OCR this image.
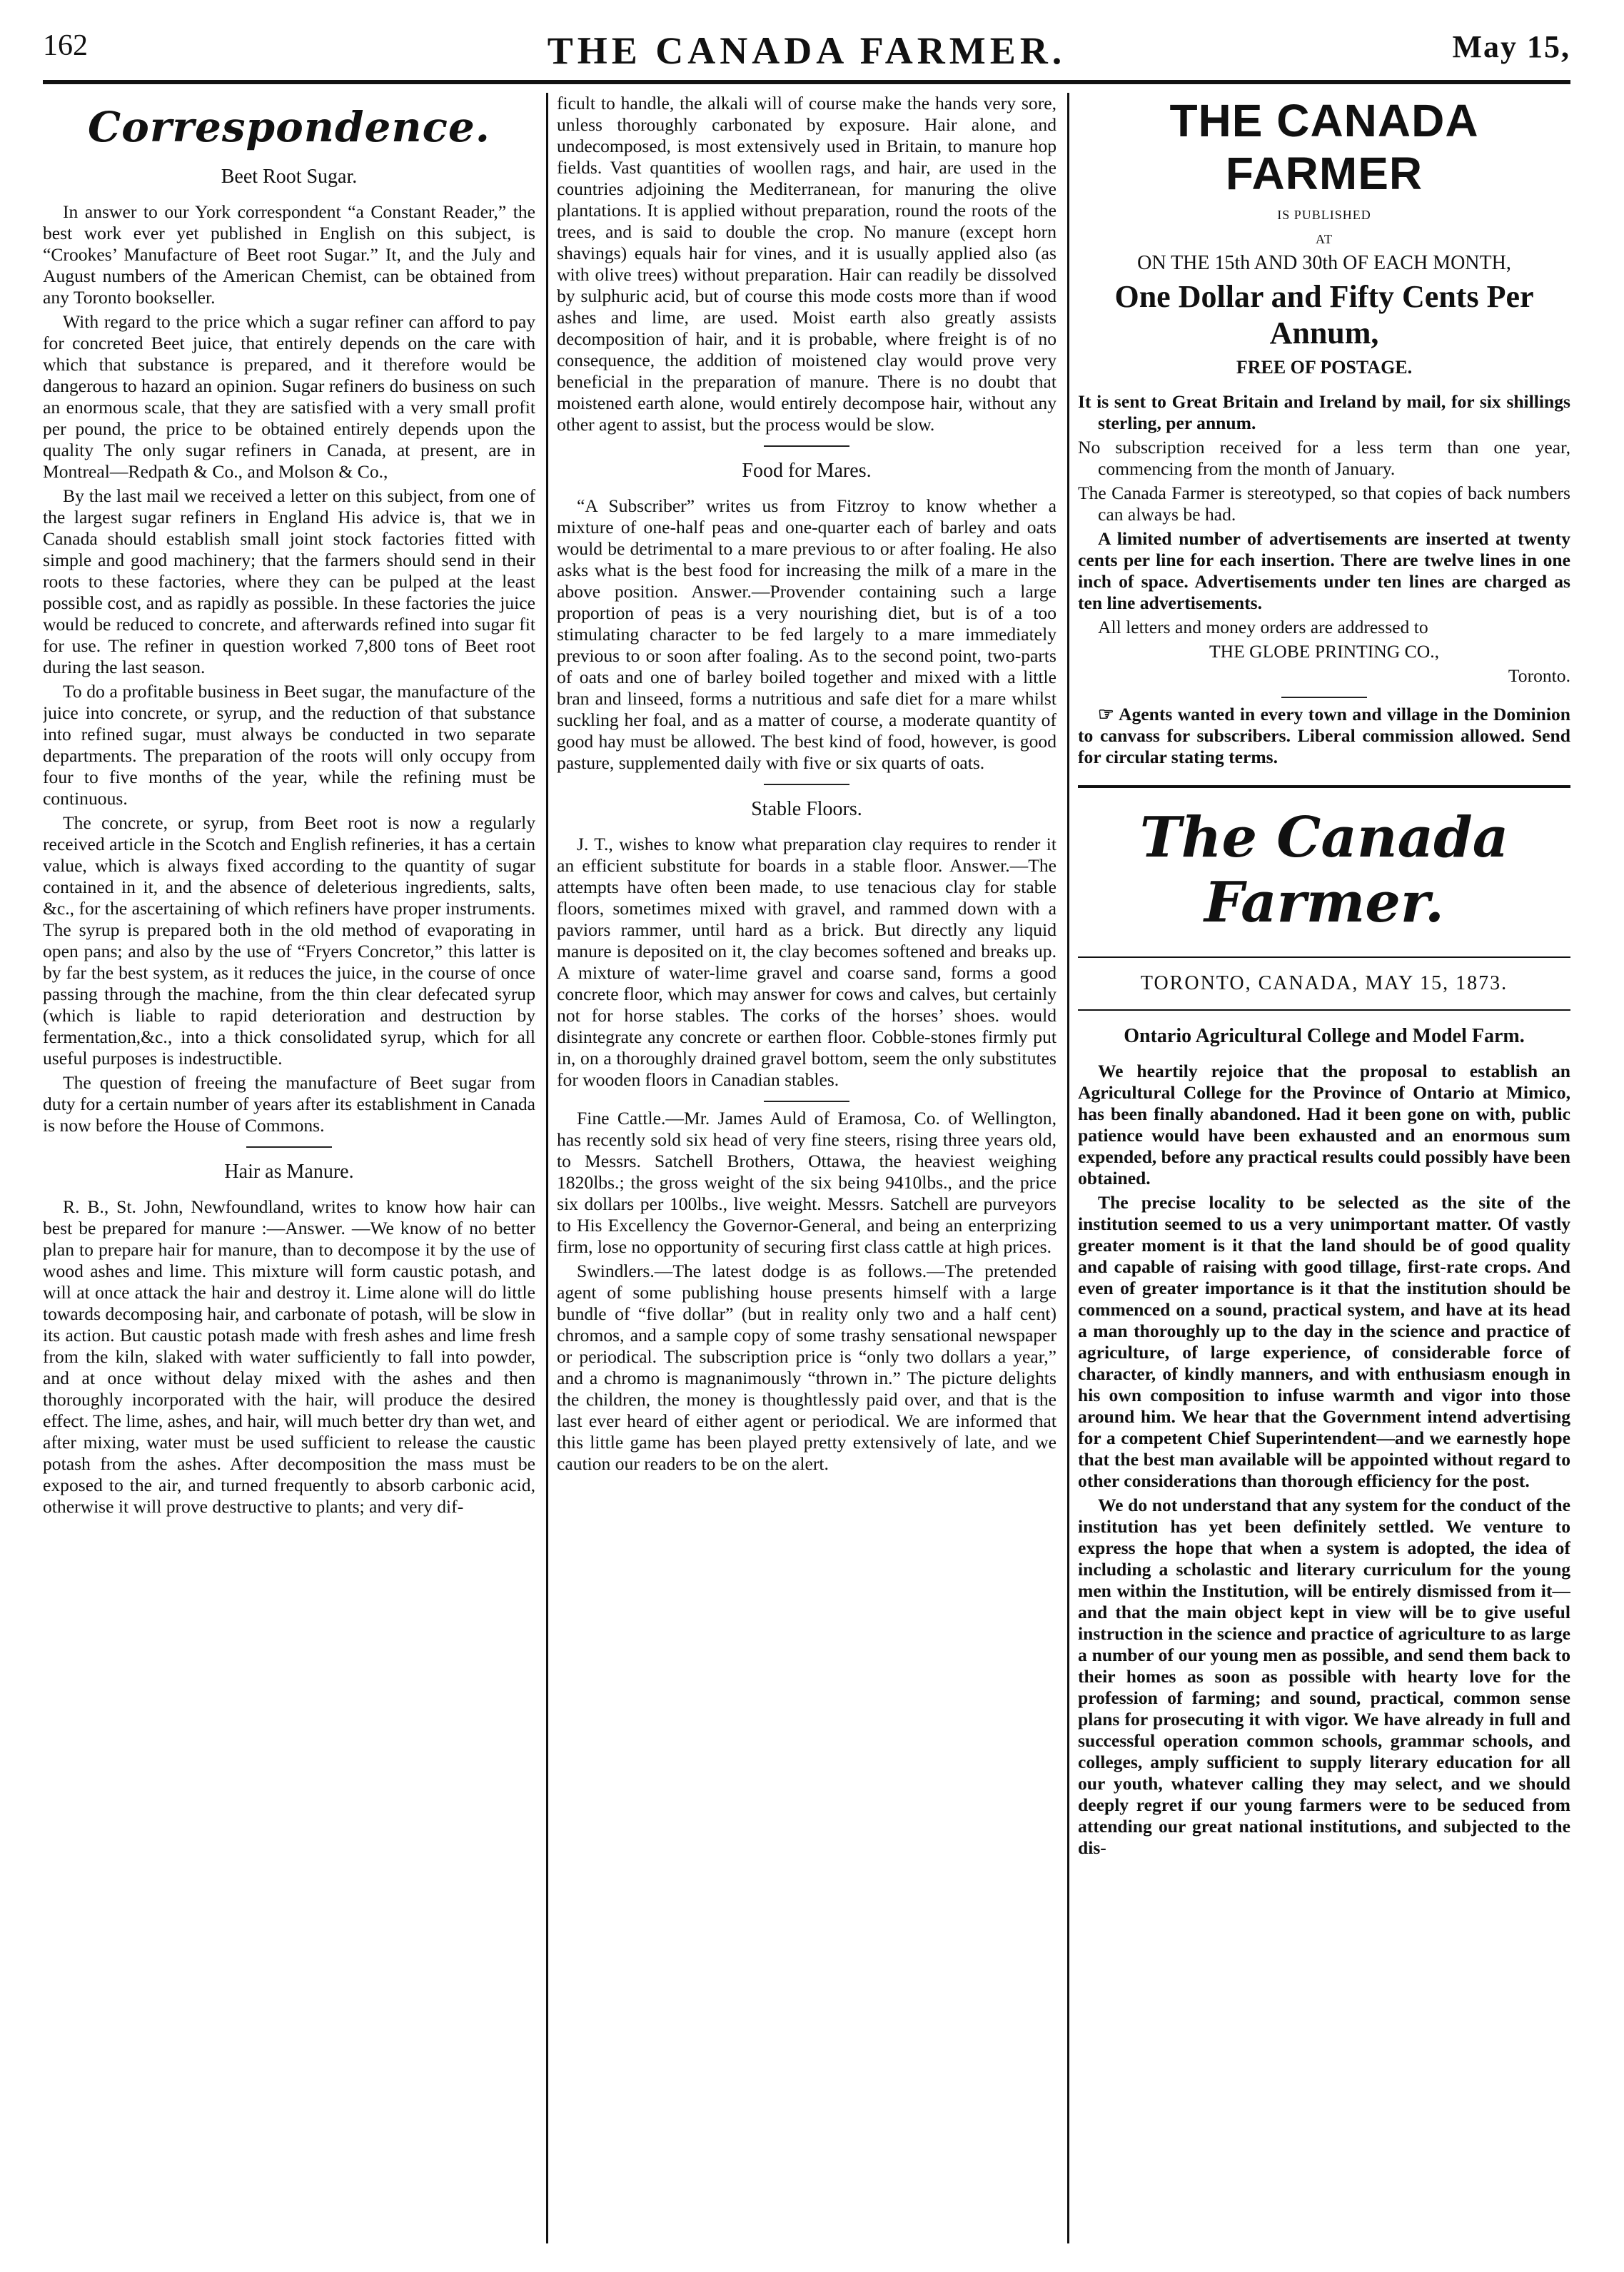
162	THE CANADA FARMER.	May 15,
Correspondence.
Beet Root Sugar.

In answer to our York correspondent “a Constant Reader,” the best work ever yet published in English on this subject, is “Crookes’ Manufacture of Beet root Sugar.” It, and the July and August numbers of the American Chemist, can be obtained from any Toronto bookseller.

With regard to the price which a sugar refiner can afford to pay for concreted Beet juice, that entirely depends on the care with which that substance is prepared, and it therefore would be dangerous to hazard an opinion. Sugar refiners do business on such an enormous scale, that they are satisfied with a very small profit per pound, the price to be obtained entirely depends upon the quality The only sugar refiners in Canada, at present, are in Montreal—Redpath & Co., and Molson & Co.,

By the last mail we received a letter on this subject, from one of the largest sugar refiners in England His advice is, that we in Canada should establish small joint stock factories fitted with simple and good machinery; that the farmers should send in their roots to these factories, where they can be pulped at the least possible cost, and as rapidly as possible. In these factories the juice would be reduced to concrete, and afterwards refined into sugar fit for use. The refiner in question worked 7,800 tons of Beet root during the last season.

To do a profitable business in Beet sugar, the manufacture of the juice into concrete, or syrup, and the reduction of that substance into refined sugar, must always be conducted in two separate departments. The preparation of the roots will only occupy from four to five months of the year, while the refining must be continuous.

The concrete, or syrup, from Beet root is now a regularly received article in the Scotch and English refineries, it has a certain value, which is always fixed according to the quantity of sugar contained in it, and the absence of deleterious ingredients, salts, &c., for the ascertaining of which refiners have proper instruments. The syrup is prepared both in the old method of evaporating in open pans; and also by the use of “Fryers Concretor,” this latter is by far the best system, as it reduces the juice, in the course of once passing through the machine, from the thin clear defecated syrup (which is liable to rapid deterioration and destruction by fermentation,&c., into a thick consolidated syrup, which for all useful purposes is indestructible.

The question of freeing the manufacture of Beet sugar from duty for a certain number of years after its establishment in Canada is now before the House of Commons.

Hair as Manure.

R. B., St. John, Newfoundland, writes to know how hair can best be prepared for manure :—Answer. —We know of no better plan to prepare hair for manure, than to decompose it by the use of wood ashes and lime. This mixture will form caustic potash, and will at once attack the hair and destroy it. Lime alone will do little towards decomposing hair, and carbonate of potash, will be slow in its action. But caustic potash made with fresh ashes and lime fresh from the kiln, slaked with water sufficiently to fall into powder, and at once without delay mixed with the ashes and then thoroughly incorporated with the hair, will produce the desired effect. The lime, ashes, and hair, will much better dry than wet, and after mixing, water must be used sufficient to release the caustic potash from the ashes. After decomposition the mass must be exposed to the air, and turned frequently to absorb carbonic acid, otherwise it will prove destructive to plants; and very dif-

ficult to handle, the alkali will of course make the hands very sore, unless thoroughly carbonated by exposure. Hair alone, and undecomposed, is most extensively used in Britain, to manure hop fields. Vast quantities of woollen rags, and hair, are used in the countries adjoining the Mediterranean, for manuring the olive plantations. It is applied without preparation, round the roots of the trees, and is said to double the crop. No manure (except horn shavings) equals hair for vines, and it is usually applied also (as with olive trees) without preparation. Hair can readily be dissolved by sulphuric acid, but of course this mode costs more than if wood ashes and lime, are used. Moist earth also greatly assists decomposition of hair, and it is probable, where freight is of no consequence, the addition of moistened clay would prove very beneficial in the preparation of manure. There is no doubt that moistened earth alone, would entirely decompose hair, without any other agent to assist, but the process would be slow.

Food for Mares.

“A Subscriber” writes us from Fitzroy to know whether a mixture of one-half peas and one-quarter each of barley and oats would be detrimental to a mare previous to or after foaling. He also asks what is the best food for increasing the milk of a mare in the above position. Answer.—Provender containing such a large proportion of peas is a very nourishing diet, but is of a too stimulating character to be fed largely to a mare immediately previous to or soon after foaling. As to the second point, two-parts of oats and one of barley boiled together and mixed with a little bran and linseed, forms a nutritious and safe diet for a mare whilst suckling her foal, and as a matter of course, a moderate quantity of good hay must be allowed. The best kind of food, however, is good pasture, supplemented daily with five or six quarts of oats.

Stable Floors.

J. T., wishes to know what preparation clay requires to render it an efficient substitute for boards in a stable floor. Answer.—The attempts have often been made, to use tenacious clay for stable floors, sometimes mixed with gravel, and rammed down with a paviors rammer, until hard as a brick. But directly any liquid manure is deposited on it, the clay becomes softened and breaks up. A mixture of water-lime gravel and coarse sand, forms a good concrete floor, which may answer for cows and calves, but certainly not for horse stables. The corks of the horses’ shoes. would disintegrate any concrete or earthen floor. Cobble-stones firmly put in, on a thoroughly drained gravel bottom, seem the only substitutes for wooden floors in Canadian stables.

Fine Cattle.—Mr. James Auld of Eramosa, Co. of Wellington, has recently sold six head of very fine steers, rising three years old, to Messrs. Satchell Brothers, Ottawa, the heaviest weighing 1820lbs.; the gross weight of the six being 9410lbs., and the price six dollars per 100lbs., live weight. Messrs. Satchell are purveyors to His Excellency the Governor-General, and being an enterprizing firm, lose no opportunity of securing first class cattle at high prices.

Swindlers.—The latest dodge is as follows.—The pretended agent of some publishing house presents himself with a large bundle of “five dollar” (but in reality only two and a half cent) chromos, and a sample copy of some trashy sensational newspaper or periodical. The subscription price is “only two dollars a year,” and a chromo is magnanimously “thrown in.” The picture delights the children, the money is thoughtlessly paid over, and that is the last ever heard of either agent or periodical. We are informed that this little game has been played pretty extensively of late, and we caution our readers to be on the alert.

THE CANADA FARMER

IS PUBLISHED

AT

ON THE 15th AND 30th OF EACH MONTH,

One Dollar and Fifty Cents Per Annum,
FREE OF POSTAGE.

It is sent to Great Britain and Ireland by mail, for six shillings sterling, per annum.

No subscription received for a less term than one year, commencing from the month of January.

The Canada Farmer is stereotyped, so that copies of back numbers can always be had.

A limited number of advertisements are inserted at twenty cents per line for each insertion. There are twelve lines in one inch of space. Advertisements under ten lines are charged as ten line advertisements.

All letters and money orders are addressed to

THE GLOBE PRINTING CO.,

Toronto.

☞ Agents wanted in every town and village in the Dominion to canvass for subscribers. Liberal commission allowed. Send for circular stating terms.

The Canada Farmer.
TORONTO, CANADA, MAY 15, 1873.
Ontario Agricultural College and Model Farm.

We heartily rejoice that the proposal to establish an Agricultural College for the Province of Ontario at Mimico, has been finally abandoned. Had it been gone on with, public patience would have been exhausted and an enormous sum expended, before any practical results could possibly have been obtained.

The precise locality to be selected as the site of the institution seemed to us a very unimportant matter. Of vastly greater moment is it that the land should be of good quality and capable of raising with good tillage, first-rate crops. And even of greater importance is it that the institution should be commenced on a sound, practical system, and have at its head a man thoroughly up to the day in the science and practice of agriculture, of large experience, of considerable force of character, of kindly manners, and with enthusiasm enough in his own composition to infuse warmth and vigor into those around him. We hear that the Government intend advertising for a competent Chief Superintendent—and we earnestly hope that the best man available will be appointed without regard to other considerations than thorough efficiency for the post.

We do not understand that any system for the conduct of the institution has yet been definitely settled. We venture to express the hope that when a system is adopted, the idea of including a scholastic and literary curriculum for the young men within the Institution, will be entirely dismissed from it—and that the main object kept in view will be to give useful instruction in the science and practice of agriculture to as large a number of our young men as possible, and send them back to their homes as soon as possible with hearty love for the profession of farming; and sound, practical, common sense plans for prosecuting it with vigor. We have already in full and successful operation common schools, grammar schools, and colleges, amply sufficient to supply literary education for all our youth, whatever calling they may select, and we should deeply regret if our young farmers were to be seduced from attending our great national institutions, and subjected to the dis-
